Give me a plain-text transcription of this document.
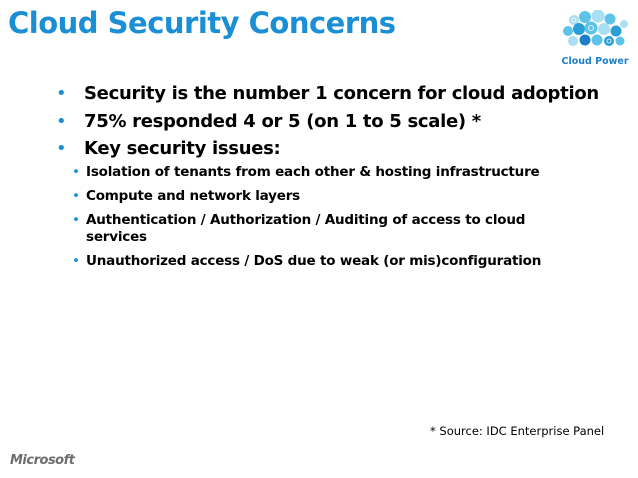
Cloud Security Concerns
Cloud Power
• Security is the number 1 concern for cloud adoption
• 75% responded 4 or 5 (on 1 to 5 scale) *
• Key security issues:
• Isolation of tenants from each other & hosting infrastructure
• Compute and network layers
• Authentication / Authorization / Auditing of access to cloud services
• Unauthorized access / DoS due to weak (or mis)configuration
* Source: IDC Enterprise Panel
Microsoft
